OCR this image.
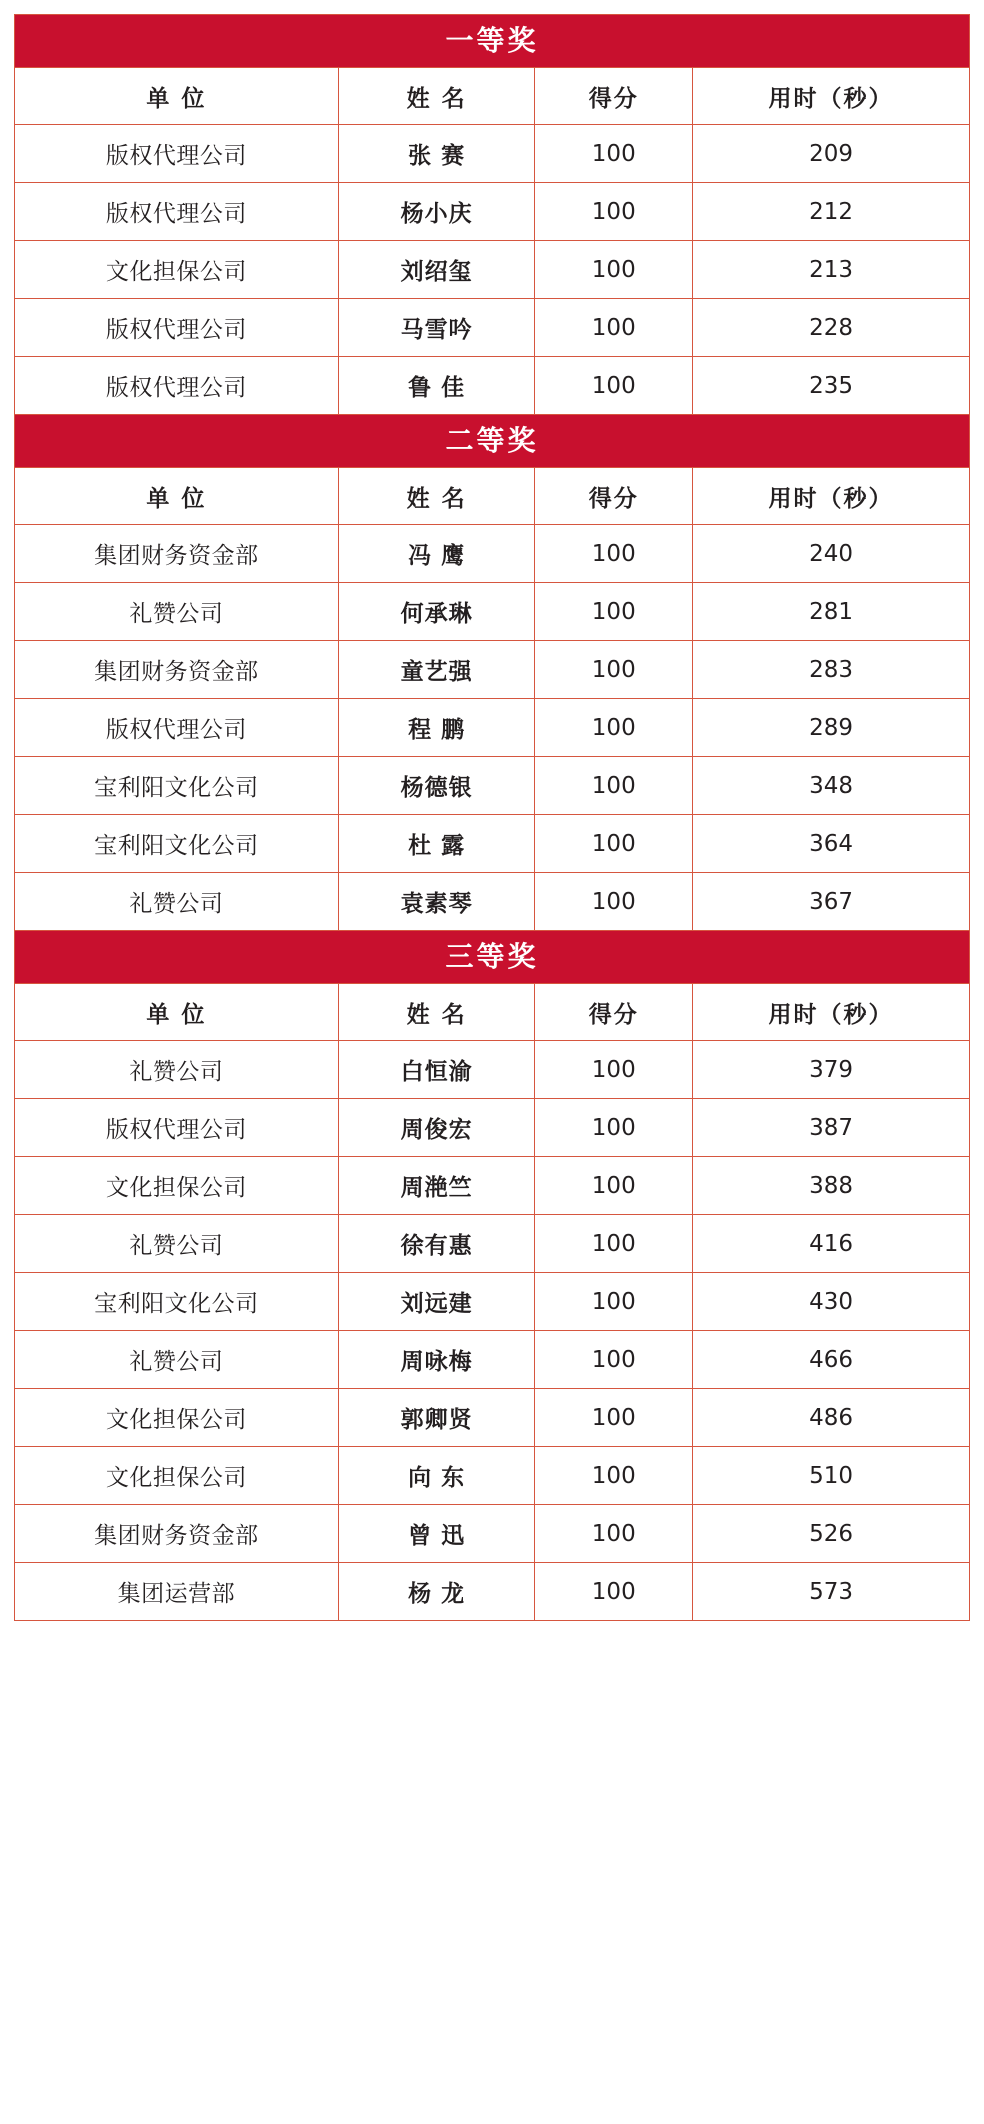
一等奖			

单 位	姓 名	得分	用时（秒）
版权代理公司	张 赛	100	209
版权代理公司	杨小庆	100	212
文化担保公司	刘绍玺	100	213
版权代理公司	马雪吟	100	228
版权代理公司	鲁 佳	100	235

二等奖			

单 位	姓 名	得分	用时（秒）
集团财务资金部	冯 鹰	100	240
礼赞公司	何承琳	100	281
集团财务资金部	童艺强	100	283
版权代理公司	程 鹏	100	289
宝利阳文化公司	杨德银	100	348
宝利阳文化公司	杜 露	100	364
礼赞公司	袁素琴	100	367

三等奖			

单 位	姓 名	得分	用时（秒）
礼赞公司	白恒渝	100	379
版权代理公司	周俊宏	100	387
文化担保公司	周滟竺	100	388
礼赞公司	徐有惠	100	416
宝利阳文化公司	刘远建	100	430
礼赞公司	周咏梅	100	466
文化担保公司	郭卿贤	100	486
文化担保公司	向 东	100	510
集团财务资金部	曾 迅	100	526
集团运营部	杨 龙	100	573
